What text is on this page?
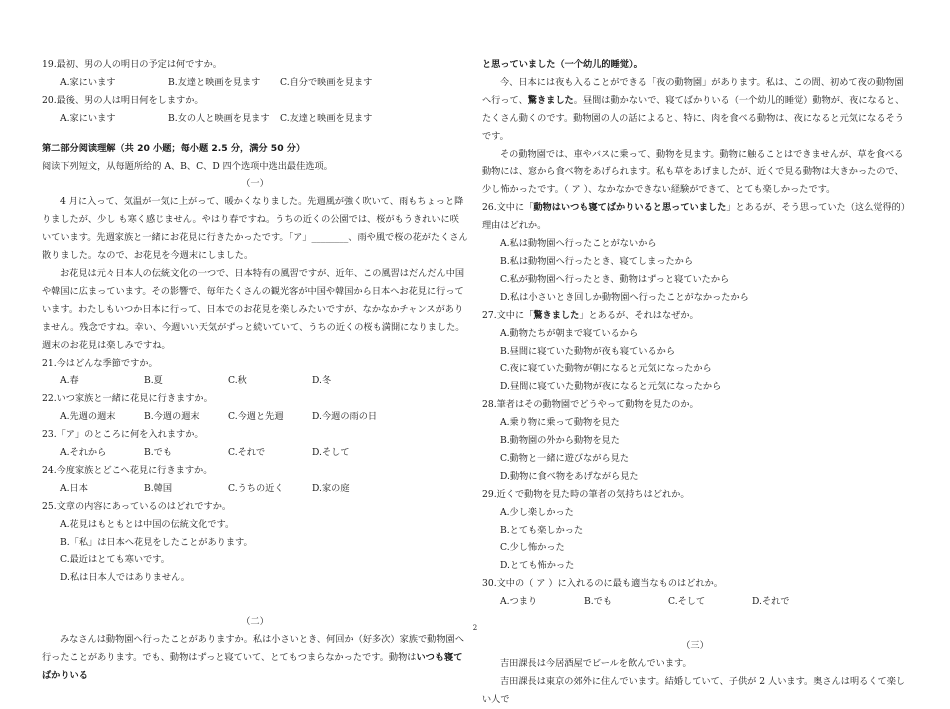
19.最初、男の人の明日の予定は何ですか。

A.家にいます	B.友達と映画を見ます	C.自分で映画を見ます

20.最後、男の人は明日何をしますか。

A.家にいます	B.女の人と映画を見ます	C.友達と映画を見ます

第二部分阅读理解（共 20 小题；每小题 2.5 分，满分 50 分）

阅读下列短文，从每题所给的 A、B、C、D 四个选项中选出最佳选项。

（一）

4 月に入って、気温が一気に上がって、暖かくなりました。先週風が強く吹いて、雨もちょっと降りましたが、少し も寒く感じません。やはり春ですね。うちの近くの公園では、桜がもうきれいに咲いています。先週家族と一緒にお花見に行きたかったです。「ア」________、雨や風で桜の花がたくさん散りました。なので、お花見を今週末にしました。

お花見は元々日本人の伝統文化の一つで、日本特有の風習ですが、近年、この風習はだんだん中国や韓国に広まっています。その影響で、毎年たくさんの観光客が中国や韓国から日本へお花見に行っています。わたしもいつか日本に行って、日本でのお花見を楽しみたいですが、なかなかチャンスがありません。残念ですね。幸い、今週いい天気がずっと続いていて、うちの近くの桜も満開になりました。週末のお花見は楽しみですね。

21.今はどんな季節ですか。

A.春	B.夏	C.秋	D.冬

22.いつ家族と一緒に花見に行きますか。

A.先週の週末	B.今週の週末	C.今週と先週	D.今週の雨の日

23.「ア」のところに何を入れますか。

A.それから	B.でも	C.それで	D.そして

24.今度家族とどこへ花見に行きますか。

A.日本	B.韓国	C.うちの近く	D.家の庭

25.文章の内容にあっているのはどれですか。

A.花見はもともとは中国の伝統文化です。

B.「私」は日本へ花見をしたことがあります。

C.最近はとても寒いです。

D.私は日本人ではありません。

（二）

みなさんは動物園へ行ったことがありますか。私は小さいとき、何回か（好多次）家族で動物園へ行ったことがあります。でも、動物はずっと寝ていて、とてもつまらなかったです。動物はいつも寝てばかりいる

と思っていました（一个幼儿的睡觉）。

今、日本には夜も入ることができる「夜の動物園」があります。私は、この間、初めて夜の動物園へ行って、驚きました。昼間は動かないで、寝てばかりいる（一个幼儿的睡觉）動物が、夜になると、たくさん動くのです。動物園の人の話によると、特に、肉を食べる動物は、夜になると元気になるそうです。

その動物園では、車やバスに乗って、動物を見ます。動物に触ることはできませんが、草を食べる動物には、窓から食べ物をあげられます。私も草をあげましたが、近くで見る動物は大きかったので、少し怖かったです。（ ア ）、なかなかできない経験ができて、とても楽しかったです。

26.文中に「動物はいつも寝てばかりいると思っていました」とあるが、そう思っていた（这么觉得的）理由はどれか。

A.私は動物園へ行ったことがないから

B.私は動物園へ行ったとき、寝てしまったから

C.私が動物園へ行ったとき、動物はずっと寝ていたから

D.私は小さいとき回しか動物園へ行ったことがなかったから

27.文中に「驚きました」とあるが、それはなぜか。

A.動物たちが朝まで寝ているから

B.昼間に寝ていた動物が夜も寝ているから

C.夜に寝ていた動物が朝になると元気になったから

D.昼間に寝ていた動物が夜になると元気になったから

28.筆者はその動物園でどうやって動物を見たのか。

A.乗り物に乗って動物を見た

B.動物園の外から動物を見た

C.動物と一緒に遊びながら見た

D.動物に食べ物をあげながら見た

29.近くで動物を見た時の筆者の気持ちはどれか。

A.少し楽しかった

B.とても楽しかった

C.少し怖かった

D.とても怖かった

30.文中の（ ア ）に入れるのに最も適当なものはどれか。

A.つまり	B.でも	C.そして	D.それで

（三）

吉田課長は今居酒屋でビールを飲んでいます。

吉田課長は東京の郊外に住んでいます。結婚していて、子供が 2 人います。奥さんは明るくて楽しい人で

2
